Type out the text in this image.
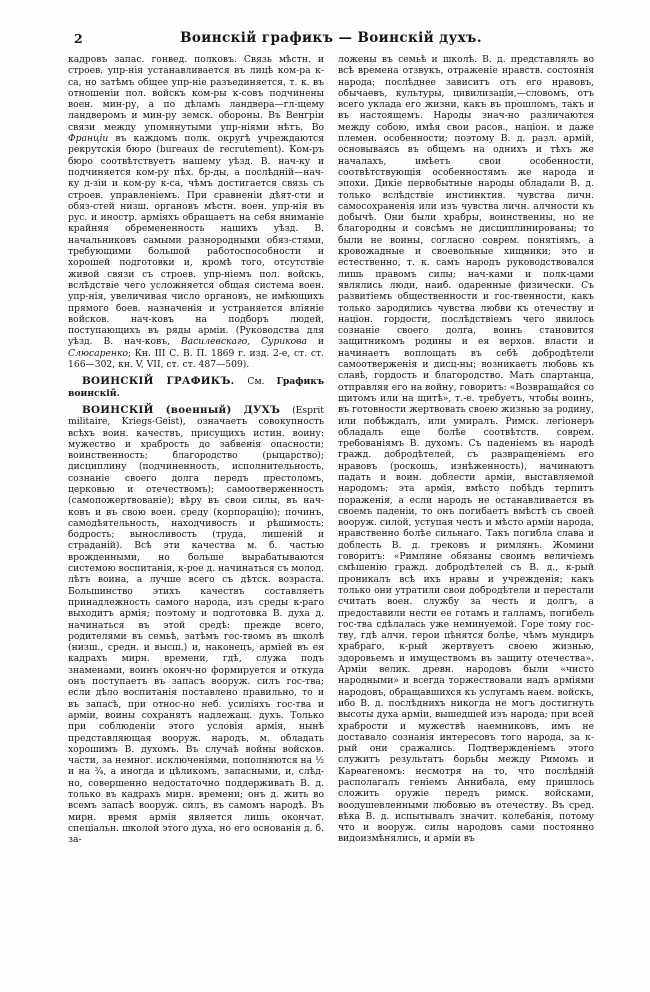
2	Воинскій графикъ — Воинскій духъ.

кадровъ запас. гонвед. полковъ. Связь мѣстн. и строев. упр-нія устанавливается въ лицѣ ком-ра к-са, но затѣмъ общее упр-ніе разъединяется, т. к. въ отношеніи пол. войскъ ком-ры к-совъ подчинены воен. мин-ру, а по дѣламъ ландвера—гл-щему ландверомъ и мин-ру земск. обороны. Въ Венгріи связи между упомянутыми упр-ніями нѣтъ. Во Франціи въ каждомъ полк. округѣ учреждаются рекрутскія бюро (bureaux de recrutement). Ком-ръ бюро соотвѣтствуетъ нашему уѣзд. В. нач-ку и подчиняется ком-ру пѣх. бр-ды, а послѣдній—нач-ку д-зіи и ком-ру к-са, чѣмъ достигается связь съ строев. управленіемъ. При сравненіи дѣят-сти и обяз-стей низш. органовъ мѣстн. воен. упр-нія въ рус. и иностр. арміяхъ обращаетъ на себя вниманіе крайняя обремененность нашихъ уѣзд. В. начальниковъ самыми разнородными обяз-стями, требующими большой работоспособности и хорошей подготовки и, кромѣ того, отсутствіе живой связи съ строев. упр-ніемъ пол. войскъ, вслѣдствіе чего усложняется общая система воен. упр-нія, увеличивая число органовъ, не имѣющихъ прямого боев. назначенія и устраняется вліяніе войсков. нач-ковъ на подборъ людей, поступающихъ въ ряды арміи. (Руководства для уѣзд. В. нач-ковъ, Василевскаго, Сурикова и Слюсаренко; Кн. III С. В. П. 1869 г. изд. 2-е, ст. ст. 166—302, кн. V, VII, ст. ст. 487—509).

ВОИНСКІЙ ГРАФИКЪ. См. Графикъ воинскій.

ВОИНСКІЙ (военный) ДУХЪ (Esprit militaire, Kriegs-Geist), означаетъ совокупность всѣхъ воин. качествъ, присущихъ истин. воину: мужество и храбрость до забвенія опасности; воинственность; благородство (рыцарство); дисциплину (подчиненность, исполнительность, сознаніе своего долга передъ престоломъ, церковью и отечествомъ); самоотверженность (самопожертвованіе); вѣру въ свои силы, въ нач-ковъ и въ свою воен. среду (корпорацію); починъ, самодѣятельность, находчивость и рѣшимость; бодрость; выносливость (труда, лишеній и страданій). Всѣ эти качества м. б. частью врожденными, но больше вырабатываются системою воспитанія, к-рое д. начинаться съ молод. лѣтъ воина, а лучше всего съ дѣтск. возраста. Большинство этихъ качествъ составляетъ принадлежность самого народа, изъ среды к-раго выходитъ армія; поэтому и подготовка В. духа д. начинаться въ этой средѣ: прежде всего, родителями въ семьѣ, затѣмъ гос-твомъ въ школѣ (низш., средн. и высш.) и, наконецъ, арміей въ ея кадрахъ мирн. времени, гдѣ, служа подъ знаменами, воинъ оконч-но формируется и откуда онъ поступаетъ въ запасъ вооруж. силъ гос-тва; если дѣло воспитанія поставлено правильно, то и въ запасѣ, при относ-но неб. усиліяхъ гос-тва и арміи, воины сохранятъ надлежащ. духъ. Только при соблюденіи этого условія армія, нынѣ представляющая вооруж. народъ, м. обладать хорошимъ В. духомъ. Въ случаѣ войны войсков. части, за немног. исключеніями, пополняются на ½ и на ¾, а иногда и цѣликомъ, запасными, и, слѣд-но, совершенно недостаточно поддерживать В. д. только въ кадрахъ мирн. времени; онъ д. жить во всемъ запасѣ вооруж. силъ, въ самомъ народѣ. Въ мирн. время армія является лишь окончат. спеціальн. школой этого духа, но его основанія д. б. за-

ложены въ семьѣ и школѣ. В. д. представлялъ во всѣ времена отзвукъ, отраженіе нравств. состоянія народа; послѣднее зависитъ отъ его нравовъ, обычаевъ, культуры, цивилизаціи,—словомъ, отъ всего уклада его жизни, какъ въ прошломъ, такъ и въ настоящемъ. Народы знач-но различаются между собою, имѣя свои расов., націон. и даже племен. особенности; поэтому В. д. разл. армій, основываясь въ общемъ на однихъ и тѣхъ же началахъ, имѣетъ свои особенности, соотвѣтствующія особенностямъ же народа и эпохи. Дикіе первобытные народы обладали В. д. только вслѣдствіе инстинктив. чувства личн. самосохраненія или изъ чувства личн. алчности къ добычѣ. Они были храбры, воинственны, но не благородны и совсѣмъ не дисциплинированы; то были не воины, согласно соврем. понятіямъ, а кровожадные и своевольные хищники; это и естественно, т. к. самъ народъ руководствовался лишь правомъ силы; нач-ками и полк-цами являлись люди, наиб. одаренные физически. Съ развитіемъ общественности и гос-твенности, какъ только зародились чувства любви къ отечеству и націон. гордости, послѣдствіемъ чего явилось сознаніе своего долга, воинъ становится защитникомъ родины и ея верхов. власти и начинаетъ воплощать въ себѣ добродѣтели самоотверженія и дисц-ны; возникаетъ любовь къ славѣ, гордость и благородство. Мать спартанца, отправляя его на войну, говоритъ: «Возвращайся со щитомъ или на щитѣ», т.-е. требуетъ, чтобы воинъ, въ готовности жертвовать своею жизнью за родину, или побѣждалъ, или умиралъ. Римск. легіонеръ обладалъ еще болѣе соотвѣтств. соврем. требованіямъ В. духомъ. Съ паденіемъ въ народѣ гражд. добродѣтелей, съ развращеніемъ его нравовъ (роскошь, изнѣженность), начинаютъ падать и воин. доблести арміи, выставляемой народомъ; эта армія, вмѣсто побѣдъ терпитъ пораженія, а если народъ не останавливается въ своемъ паденіи, то онъ погибаетъ вмѣстѣ съ своей вооруж. силой, уступая честь и мѣсто арміи народа, нравственно болѣе сильнаго. Такъ погибла слава и доблесть В. д. грековъ и римлянъ. Жомини говоритъ: «Римляне обязаны своимъ величіемъ смѣшенію гражд. добродѣтелей съ В. д., к-рый проникалъ всѣ ихъ нравы и учрежденія; какъ только они утратили свои добродѣтели и перестали считать воен. службу за честь и долгъ, а предоставили нести ее готамъ и галламъ, погибель гос-тва сдѣлалась уже неминуемой. Горе тому гос-тву, гдѣ алчн. герои цѣнятся болѣе, чѣмъ мундиръ храбраго, к-рый жертвуетъ своею жизнью, здоровьемъ и имуществомъ въ защиту отечества». Арміи велик. древн. народовъ были «чисто народными» и всегда торжествовали надъ арміями народовъ, обращавшихся къ услугамъ наем. войскъ, ибо В. д. послѣднихъ никогда не могъ достигнуть высоты духа арміи, вышедшей изъ народа; при всей храбрости и мужествѣ наемниковъ, имъ не доставало сознанія интересовъ того народа, за к-рый они сражались. Подтвержденіемъ этого служитъ результатъ борьбы между Римомъ и Карѳагеномъ: несмотря на то, что послѣдній располагалъ геніемъ Аннибала, ему пришлось сложить оружіе передъ римск. войсками, воодушевленными любовью въ отечеству. Въ сред. вѣка В. д. испытывалъ значит. колебанія, потому что и вооруж. силы народовъ сами постоянно видоизмѣнялись, и арміи въ
